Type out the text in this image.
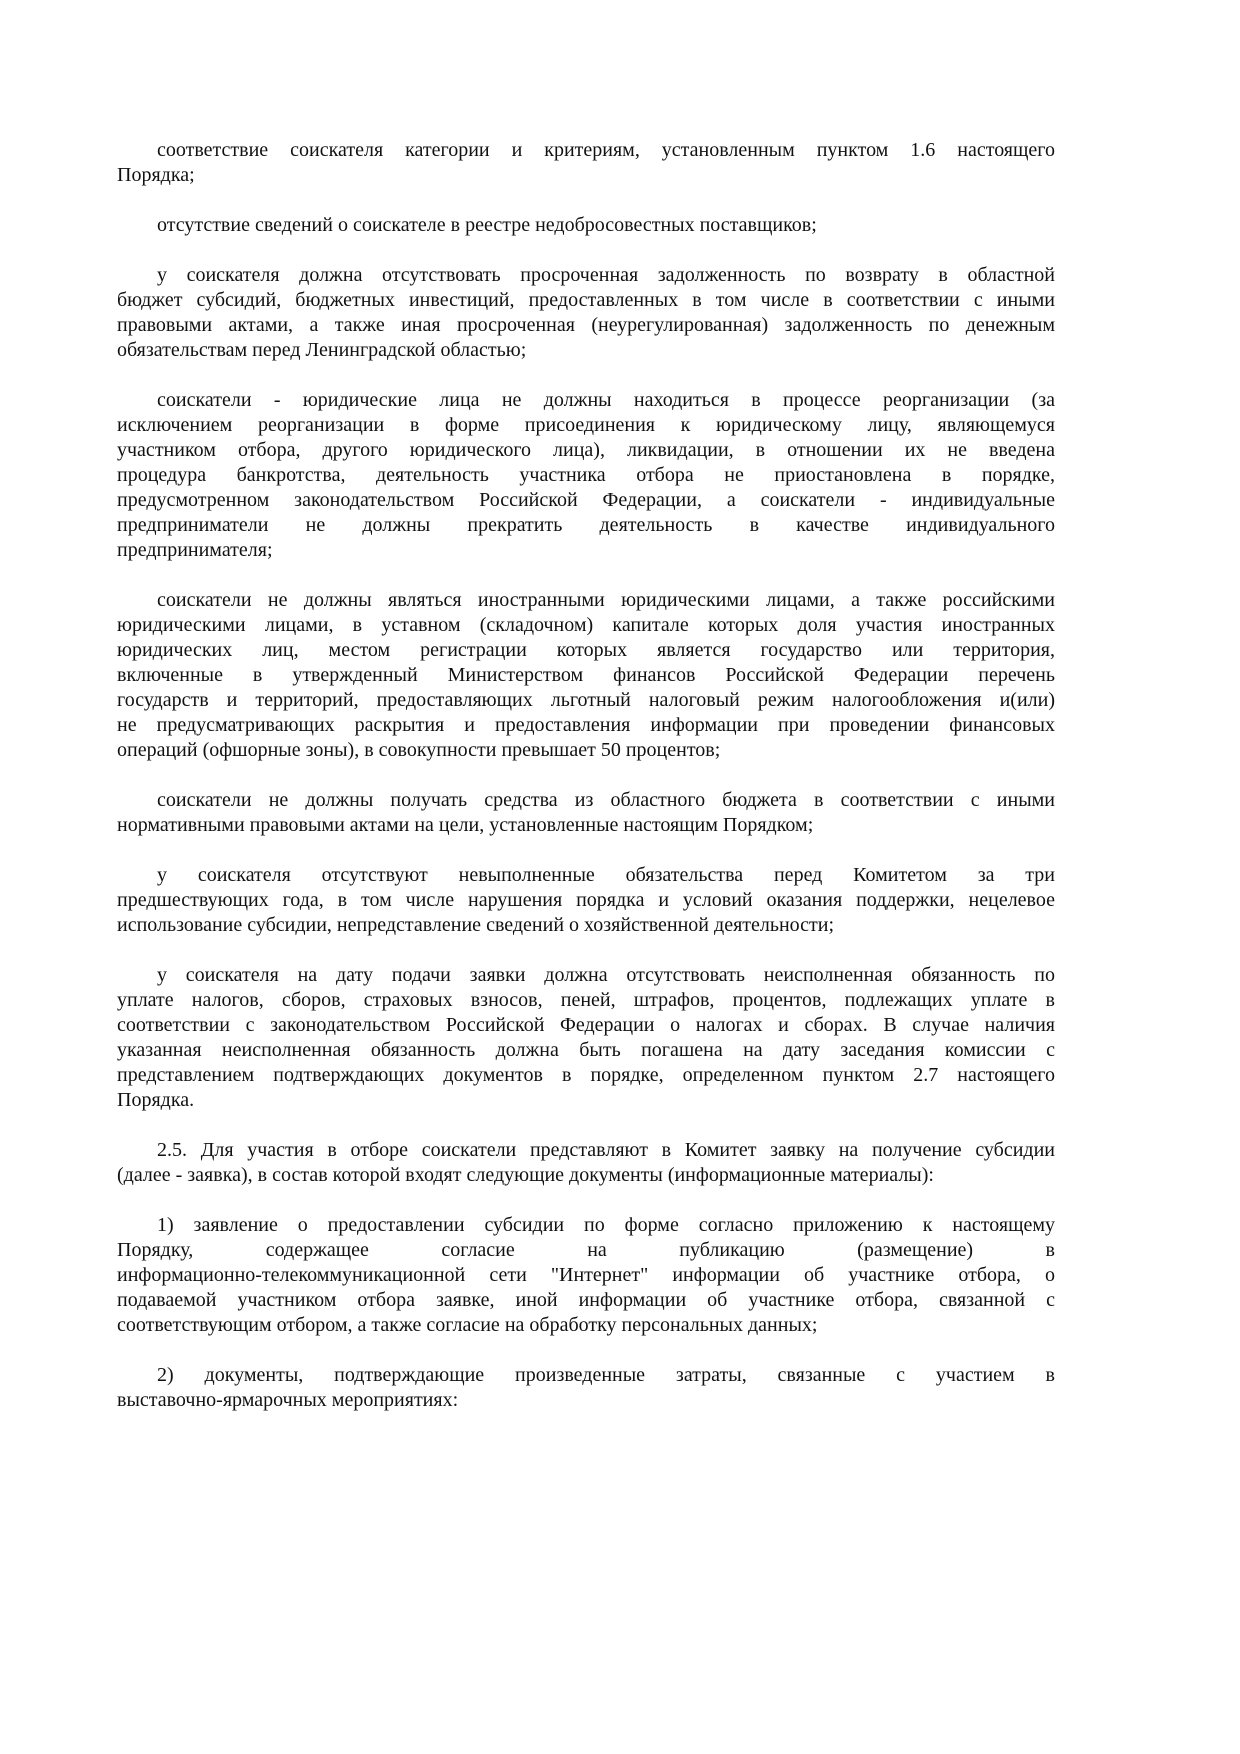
соответствие соискателя категории и критериям, установленным пунктом 1.6 настоящего
Порядка;
отсутствие сведений о соискателе в реестре недобросовестных поставщиков;
у соискателя должна отсутствовать просроченная задолженность по возврату в областной
бюджет субсидий, бюджетных инвестиций, предоставленных в том числе в соответствии с иными
правовыми актами, а также иная просроченная (неурегулированная) задолженность по денежным
обязательствам перед Ленинградской областью;
соискатели - юридические лица не должны находиться в процессе реорганизации (за
исключением реорганизации в форме присоединения к юридическому лицу, являющемуся
участником отбора, другого юридического лица), ликвидации, в отношении их не введена
процедура банкротства, деятельность участника отбора не приостановлена в порядке,
предусмотренном законодательством Российской Федерации, а соискатели - индивидуальные
предприниматели не должны прекратить деятельность в качестве индивидуального
предпринимателя;
соискатели не должны являться иностранными юридическими лицами, а также российскими
юридическими лицами, в уставном (складочном) капитале которых доля участия иностранных
юридических лиц, местом регистрации которых является государство или территория,
включенные в утвержденный Министерством финансов Российской Федерации перечень
государств и территорий, предоставляющих льготный налоговый режим налогообложения и(или)
не предусматривающих раскрытия и предоставления информации при проведении финансовых
операций (офшорные зоны), в совокупности превышает 50 процентов;
соискатели не должны получать средства из областного бюджета в соответствии с иными
нормативными правовыми актами на цели, установленные настоящим Порядком;
у соискателя отсутствуют невыполненные обязательства перед Комитетом за три
предшествующих года, в том числе нарушения порядка и условий оказания поддержки, нецелевое
использование субсидии, непредставление сведений о хозяйственной деятельности;
у соискателя на дату подачи заявки должна отсутствовать неисполненная обязанность по
уплате налогов, сборов, страховых взносов, пеней, штрафов, процентов, подлежащих уплате в
соответствии с законодательством Российской Федерации о налогах и сборах. В случае наличия
указанная неисполненная обязанность должна быть погашена на дату заседания комиссии с
представлением подтверждающих документов в порядке, определенном пунктом 2.7 настоящего
Порядка.
2.5. Для участия в отборе соискатели представляют в Комитет заявку на получение субсидии
(далее - заявка), в состав которой входят следующие документы (информационные материалы):
1) заявление о предоставлении субсидии по форме согласно приложению к настоящему
Порядку, содержащее согласие на публикацию (размещение) в
информационно-телекоммуникационной сети "Интернет" информации об участнике отбора, о
подаваемой участником отбора заявке, иной информации об участнике отбора, связанной с
соответствующим отбором, а также согласие на обработку персональных данных;
2) документы, подтверждающие произведенные затраты, связанные с участием в
выставочно-ярмарочных мероприятиях:
